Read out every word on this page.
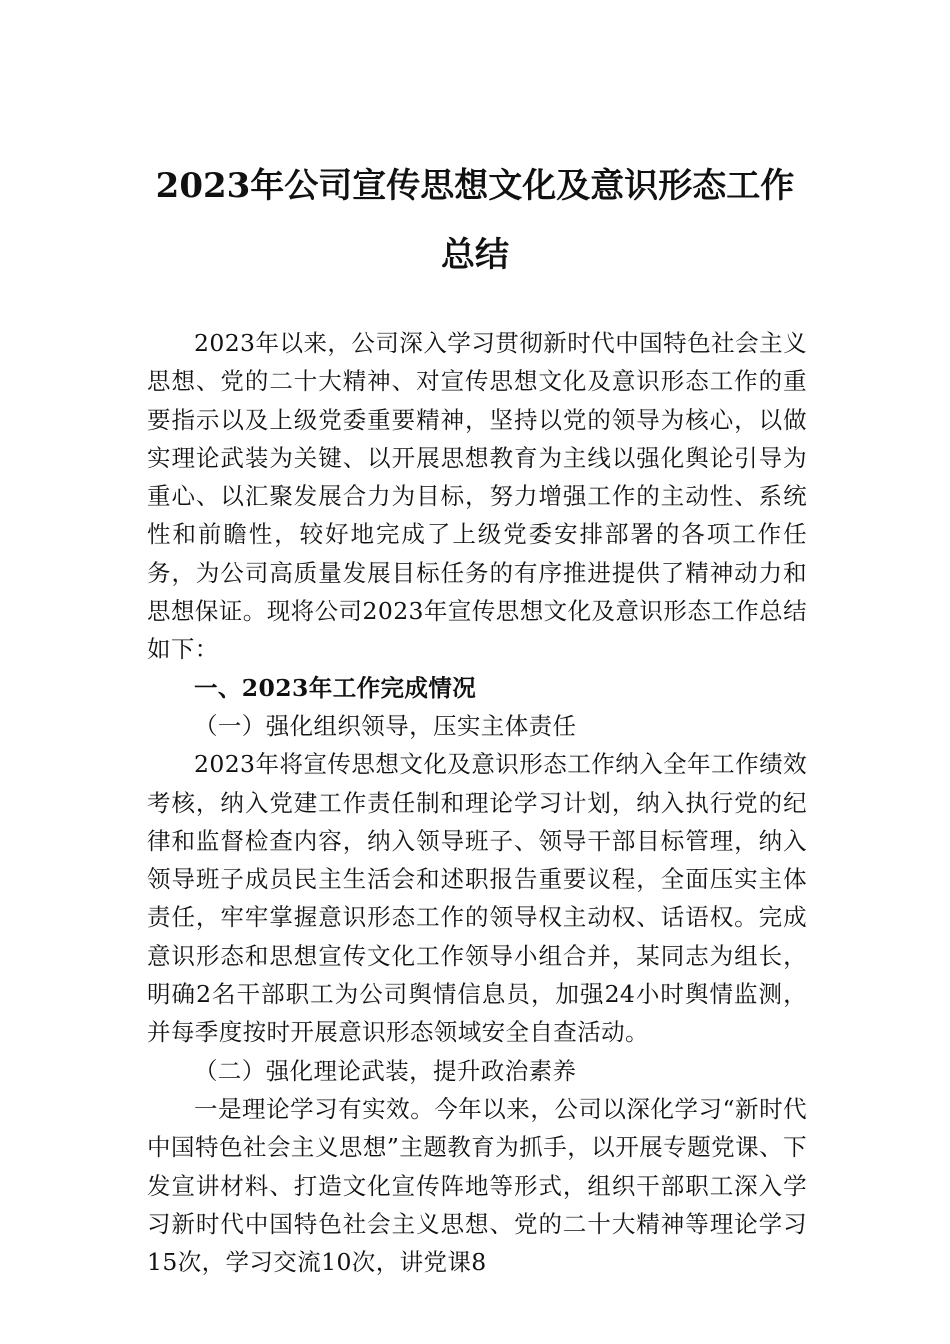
2023年公司宣传思想文化及意识形态工作
总结

2023年以来，公司深入学习贯彻新时代中国特色社会主义思想、党的二十大精神、对宣传思想文化及意识形态工作的重要指示以及上级党委重要精神，坚持以党的领导为核心，以做实理论武装为关键、以开展思想教育为主线以强化舆论引导为重心、以汇聚发展合力为目标，努力增强工作的主动性、系统性和前瞻性，较好地完成了上级党委安排部署的各项工作任务，为公司高质量发展目标任务的有序推进提供了精神动力和思想保证。现将公司2023年宣传思想文化及意识形态工作总结如下：

一、2023年工作完成情况

（一）强化组织领导，压实主体责任

2023年将宣传思想文化及意识形态工作纳入全年工作绩效考核，纳入党建工作责任制和理论学习计划，纳入执行党的纪律和监督检查内容，纳入领导班子、领导干部目标管理，纳入领导班子成员民主生活会和述职报告重要议程，全面压实主体责任，牢牢掌握意识形态工作的领导权主动权、话语权。完成意识形态和思想宣传文化工作领导小组合并，某同志为组长，明确2名干部职工为公司舆情信息员，加强24小时舆情监测，并每季度按时开展意识形态领域安全自查活动。

（二）强化理论武装，提升政治素养

一是理论学习有实效。今年以来，公司以深化学习“新时代中国特色社会主义思想”主题教育为抓手，以开展专题党课、下发宣讲材料、打造文化宣传阵地等形式，组织干部职工深入学习新时代中国特色社会主义思想、党的二十大精神等理论学习15次，学习交流10次，讲党课8
